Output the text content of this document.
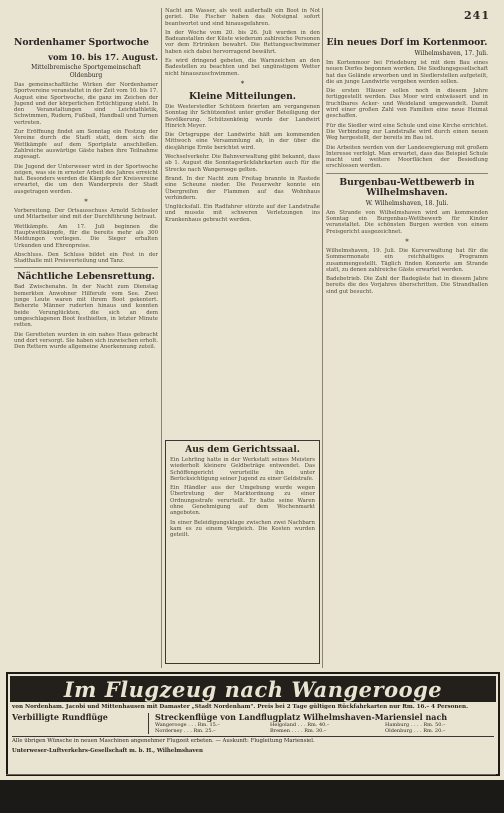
241
Nordenhamer Sportwoche
vom 10. bis 17. August.
Mittelbremische Sportgemeinschaft Oldenburg

Das gemeinschaftliche Wirken der Nordenhamer Sportvereine veranstaltet in der Zeit vom 10. bis 17. August eine Sportwoche, die ganz im Zeichen der Jugend und der körperlichen Ertüchtigung steht. In den Veranstaltungen sind Leichtathletik, Schwimmen, Rudern, Fußball, Handball und Turnen vertreten.

Zur Eröffnung findet am Sonntag ein Festzug der Vereine durch die Stadt statt, dem sich die Wettkämpfe auf dem Sportplatz anschließen. Zahlreiche auswärtige Gäste haben ihre Teilnahme zugesagt.

Die Jugend der Unterweser wird in der Sportwoche zeigen, was sie in ernster Arbeit des Jahres erreicht hat. Besonders werden die Kämpfe der Kreisvereine erwartet, die um den Wanderpreis der Stadt ausgetragen werden.

*

Vorbereitung. Der Ortsausschuss Arnold Schüssler und Mitarbeiter sind mit der Durchführung betraut.

Wettkämpfe. Am 17. Juli beginnen die Hauptwettkämpfe, für die bereits mehr als 300 Meldungen vorliegen. Die Sieger erhalten Urkunden und Ehrenpreise.

Abschluss. Den Schluss bildet ein Fest in der Stadthalle mit Preisverteilung und Tanz.

Nächtliche Lebensrettung.

Bad Zwischenahn. In der Nacht zum Dienstag bemerkten Anwohner Hilferufe vom See. Zwei junge Leute waren mit ihrem Boot gekentert. Beherzte Männer ruderten hinaus und konnten beide Verunglückten, die sich an dem umgeschlagenen Boot festhielten, in letzter Minute retten.

Die Geretteten wurden in ein nahes Haus gebracht und dort versorgt. Sie haben sich inzwischen erholt. Den Rettern wurde allgemeine Anerkennung zuteil.

Nacht am Wasser, als weit außerhalb ein Boot in Not geriet. Die Fischer haben das Notsignal sofort beantwortet und sind hinausgefahren.

In der Woche vom 20. bis 26. Juli wurden in den Badeanstalten der Küste wiederum zahlreiche Personen vor dem Ertrinken bewahrt. Die Rettungsschwimmer haben sich dabei hervorragend bewährt.

Es wird dringend gebeten, die Warnzeichen an den Badestellen zu beachten und bei ungünstigem Wetter nicht hinauszuschwimmen.

*
Kleine Mitteilungen.

Die Westerstedter Schützen feierten am vergangenen Sonntag ihr Schützenfest unter großer Beteiligung der Bevölkerung. Schützenkönig wurde der Landwirt Hinrich Meyer.

Die Ortsgruppe der Landwirte hält am kommenden Mittwoch eine Versammlung ab, in der über die diesjährige Ernte berichtet wird.

Wechselverkehr. Die Bahnverwaltung gibt bekannt, dass ab 1. August die Sonntagsrückfahrkarten auch für die Strecke nach Wangerooge gelten.

Brand. In der Nacht zum Freitag brannte in Rastede eine Scheune nieder. Die Feuerwehr konnte ein Übergreifen der Flammen auf das Wohnhaus verhindern.

Unglücksfall. Ein Radfahrer stürzte auf der Landstraße und musste mit schweren Verletzungen ins Krankenhaus gebracht werden.

Aus dem Gerichtssaal.

Ein Lehrling hatte in der Werkstatt seines Meisters wiederholt kleinere Geldbeträge entwendet. Das Schöffengericht verurteilte ihn unter Berücksichtigung seiner Jugend zu einer Geldstrafe.

Ein Händler aus der Umgebung wurde wegen Übertretung der Marktordnung zu einer Ordnungsstrafe verurteilt. Er hatte seine Waren ohne Genehmigung auf dem Wochenmarkt angeboten.

In einer Beleidigungsklage zwischen zwei Nachbarn kam es zu einem Vergleich. Die Kosten wurden geteilt.

Ein neues Dorf im Kortenmoor.
Wilhelmshaven, 17. Juli.

Im Kortenmoor bei Friedeburg ist mit dem Bau eines neuen Dorfes begonnen worden. Die Siedlungsgesellschaft hat das Gelände erworben und in Siedlerstellen aufgeteilt, die an junge Landwirte vergeben werden sollen.

Die ersten Häuser sollen noch in diesem Jahre fertiggestellt werden. Das Moor wird entwässert und in fruchtbares Acker- und Weideland umgewandelt. Damit wird einer großen Zahl von Familien eine neue Heimat geschaffen.

Für die Siedler wird eine Schule und eine Kirche errichtet. Die Verbindung zur Landstraße wird durch einen neuen Weg hergestellt, der bereits im Bau ist.

Die Arbeiten werden von der Landesregierung mit großem Interesse verfolgt. Man erwartet, dass das Beispiel Schule macht und weitere Moorflächen der Besiedlung erschlossen werden.

Burgenbau-Wettbewerb in Wilhelmshaven.
W. Wilhelmshaven, 18. Juli.

Am Strande von Wilhelmshaven wird am kommenden Sonntag ein Burgenbau-Wettbewerb für Kinder veranstaltet. Die schönsten Burgen werden von einem Preisgericht ausgezeichnet.

*

Wilhelmshaven, 19. Juli. Die Kurverwaltung hat für die Sommermonate ein reichhaltiges Programm zusammengestellt. Täglich finden Konzerte am Strande statt, zu denen zahlreiche Gäste erwartet werden.

Badebetrieb. Die Zahl der Badegäste hat in diesem Jahre bereits die des Vorjahres überschritten. Die Strandhallen sind gut besucht.

Im Flugzeug nach Wangerooge
von Nordenham. Jacobi und Mittenhausen mit Damaster „Stadt Nordenham". Preis bei 2 Tage gültigen Rückfahrkarten nur Rm. 16.– 4 Personen.
Verbilligte Rundflüge	Streckenflüge von Landflugplatz Wilhelmshaven-Mariensiel nach
Wangerooge . . . Rm. 15.–
Norderney . . . Rm. 25.–
Helgoland . . . Rm. 40.–
Bremen . . . . Rm. 30.–
Hamburg . . . . Rm. 50.–
Oldenburg . . . Rm. 20.–
Alle übrigen Wünsche in neuen Maschinen angenehmer Flugzeit erbeten. — Auskunft: Flugleitung Mariensiel.
Unterweser-Luftverkehrs-Gesellschaft m. b. H., Wilhelmshaven
